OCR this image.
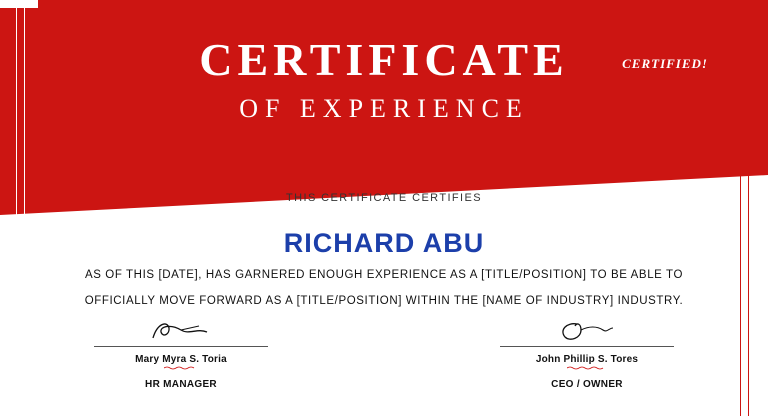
CERTIFICATE
OF EXPERIENCE
CERTIFIED!
THIS CERTIFICATE CERTIFIES
RICHARD ABU
AS OF THIS [DATE], HAS GARNERED ENOUGH EXPERIENCE AS A [TITLE/POSITION] TO BE ABLE TO OFFICIALLY MOVE FORWARD AS A [TITLE/POSITION] WITHIN THE [NAME OF INDUSTRY] INDUSTRY.
Mary Myra S. Toria
HR MANAGER
John Phillip S. Tores
CEO / OWNER
